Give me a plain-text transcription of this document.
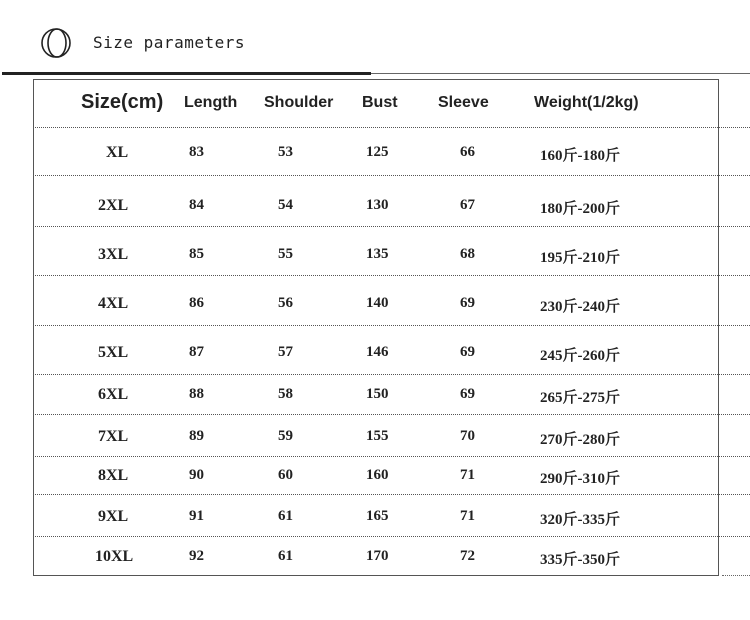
Size parameters
Size(cm) Length Shoulder Bust	Sleeve	Weight(1/2kg)
XL	83	53	125	66	160斤-180斤
2XL	84	54	130	67	180斤-200斤
3XL	85	55	135	68	195斤-210斤
4XL	86	56	140	69	230斤-240斤
5XL	87	57	146	69	245斤-260斤
6XL	88	58	150	69	265斤-275斤
7XL	89	59	155	70	270斤-280斤
8XL	90	60	160	71	290斤-310斤
9XL	91	61	165	71	320斤-335斤
10XL	92	61	170	72	335斤-350斤
